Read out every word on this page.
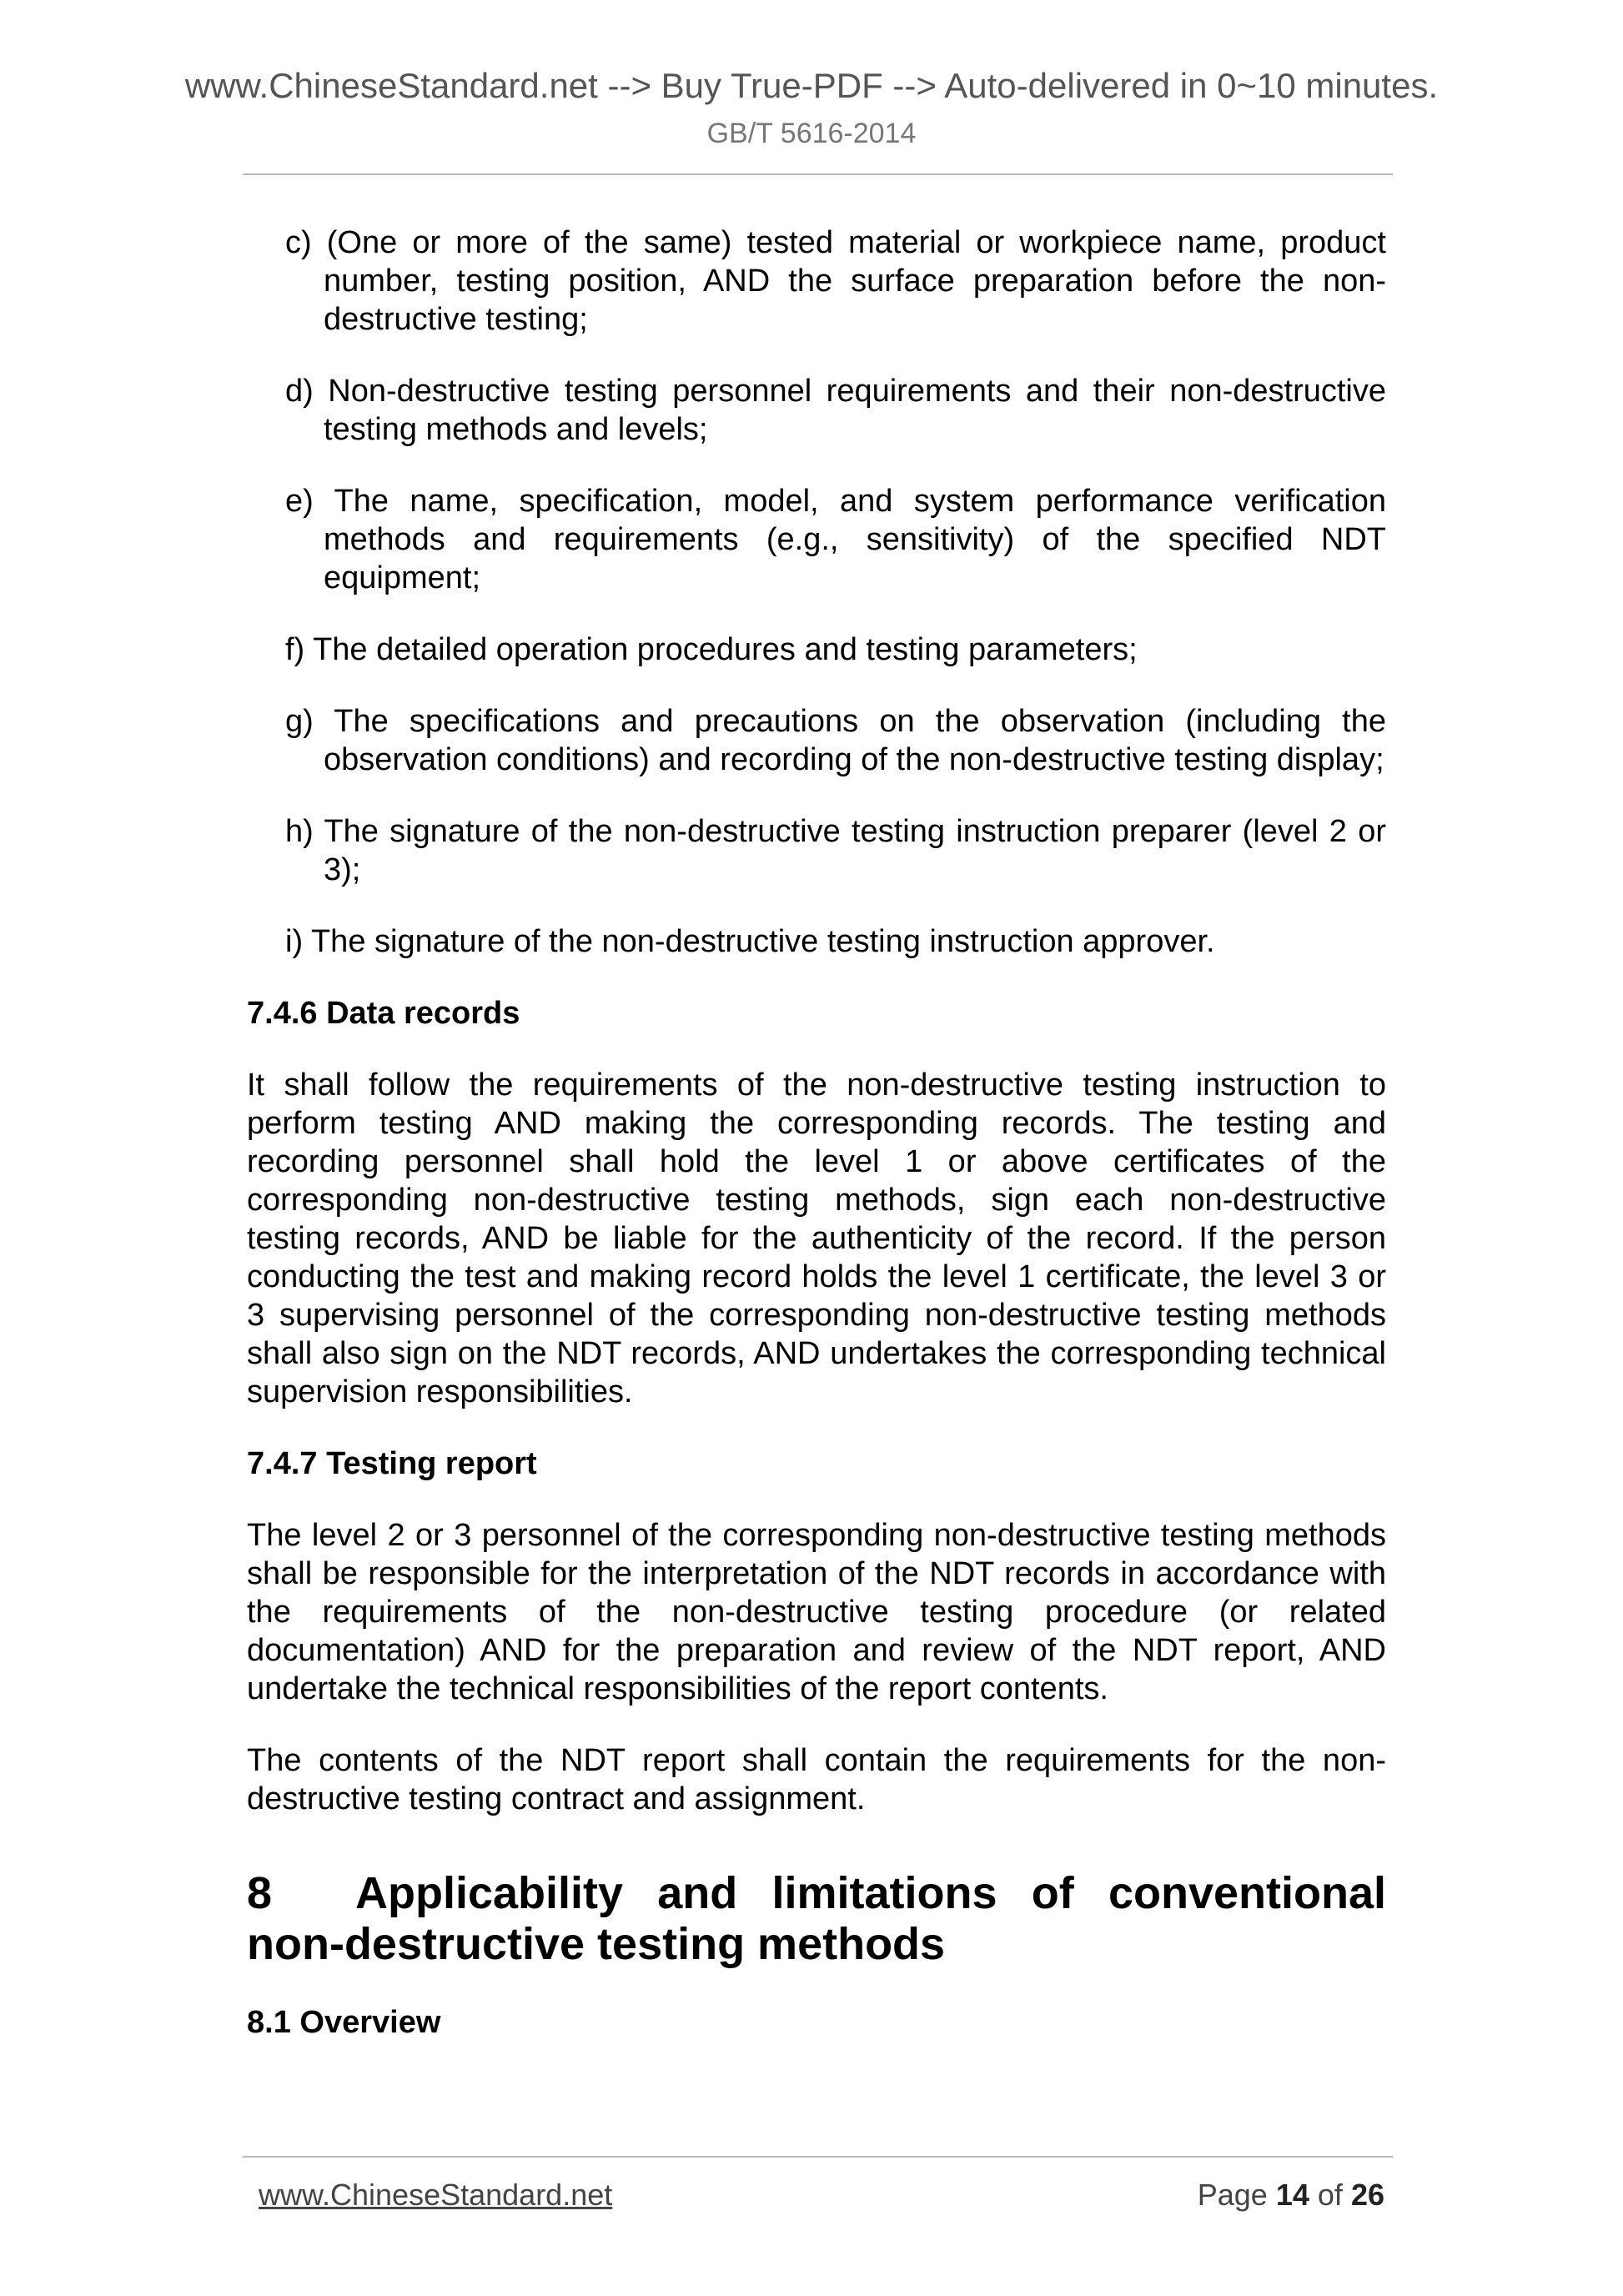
www.ChineseStandard.net --> Buy True-PDF --> Auto-delivered in 0~10 minutes.
GB/T 5616-2014

c) (One or more of the same) tested material or workpiece name, product number, testing position, AND the surface preparation before the non-destructive testing;

d) Non-destructive testing personnel requirements and their non-destructive testing methods and levels;

e) The name, specification, model, and system performance verification methods and requirements (e.g., sensitivity) of the specified NDT equipment;

f) The detailed operation procedures and testing parameters;

g) The specifications and precautions on the observation (including the observation conditions) and recording of the non-destructive testing display;

h) The signature of the non-destructive testing instruction preparer (level 2 or 3);

i) The signature of the non-destructive testing instruction approver.

7.4.6 Data records

It shall follow the requirements of the non-destructive testing instruction to perform testing AND making the corresponding records. The testing and recording personnel shall hold the level 1 or above certificates of the corresponding non-destructive testing methods, sign each non-destructive testing records, AND be liable for the authenticity of the record. If the person conducting the test and making record holds the level 1 certificate, the level 3 or 3 supervising personnel of the corresponding non-destructive testing methods shall also sign on the NDT records, AND undertakes the corresponding technical supervision responsibilities.

7.4.7 Testing report

The level 2 or 3 personnel of the corresponding non-destructive testing methods shall be responsible for the interpretation of the NDT records in accordance with the requirements of the non-destructive testing procedure (or related documentation) AND for the preparation and review of the NDT report, AND undertake the technical responsibilities of the report contents.

The contents of the NDT report shall contain the requirements for the non-destructive testing contract and assignment.

8 Applicability and limitations of conventional non-destructive testing methods
8.1 Overview
www.ChineseStandard.net	Page 14 of 26
